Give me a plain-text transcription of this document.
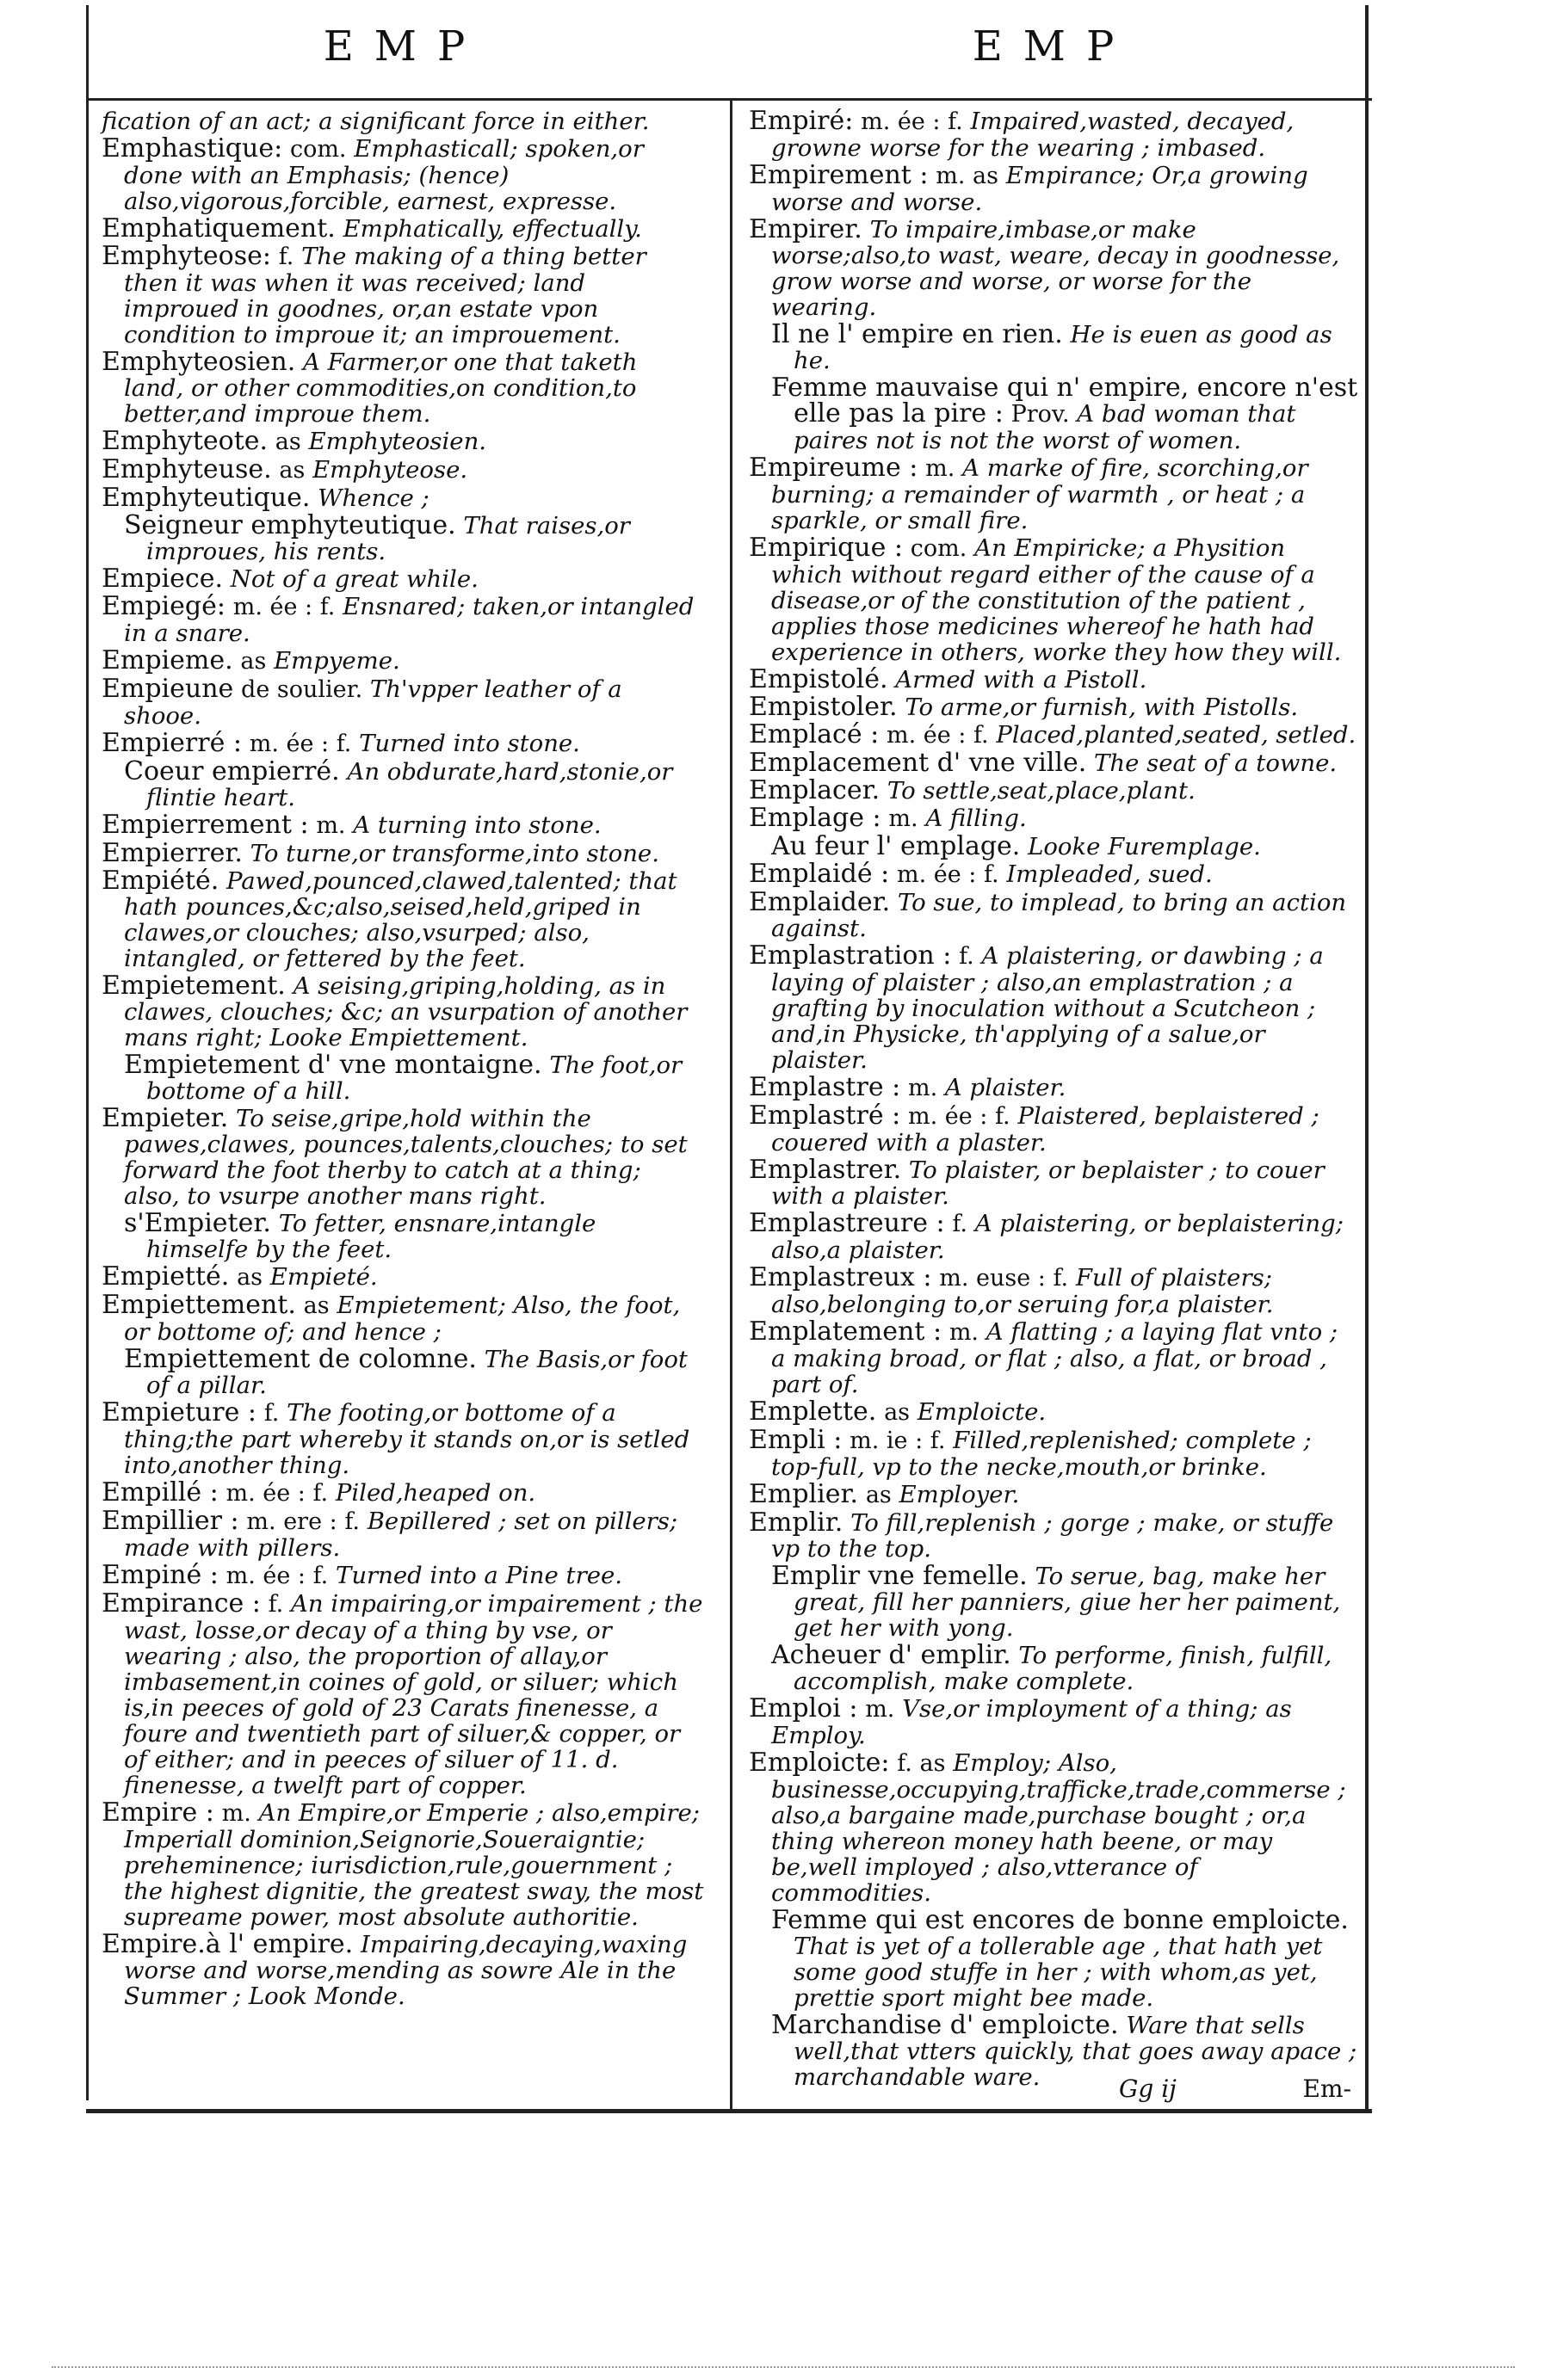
EMP	EMP
fication of an act; a significant force in either.
Emphastique: com. Emphasticall; spoken,or done with an Emphasis; (hence) also,vigorous,forcible, earnest, expresse.
Emphatiquement. Emphatically, effectually.
Emphyteose: f. The making of a thing better then it was when it was received; land improued in goodnes, or,an estate vpon condition to improue it; an improuement.
Emphyteosien. A Farmer,or one that taketh land, or other commodities,on condition,to better,and improue them.
Emphyteote. as Emphyteosien.
Emphyteuse. as Emphyteose.
Emphyteutique. Whence ;
Seigneur emphyteutique. That raises,or improues, his rents.
Empiece. Not of a great while.
Empiegé: m. ée : f. Ensnared; taken,or intangled in a snare.
Empieme. as Empyeme.
Empieune de soulier. Th'vpper leather of a shooe.
Empierré : m. ée : f. Turned into stone.
Coeur empierré. An obdurate,hard,stonie,or flintie heart.
Empierrement : m. A turning into stone.
Empierrer. To turne,or transforme,into stone.
Empiété. Pawed,pounced,clawed,talented; that hath pounces,&c;also,seised,held,griped in clawes,or clouches; also,vsurped; also, intangled, or fettered by the feet.
Empietement. A seising,griping,holding, as in clawes, clouches; &c; an vsurpation of another mans right; Looke Empiettement.
Empietement d' vne montaigne. The foot,or bottome of a hill.
Empieter. To seise,gripe,hold within the pawes,clawes, pounces,talents,clouches; to set forward the foot therby to catch at a thing; also, to vsurpe another mans right.
s'Empieter. To fetter, ensnare,intangle himselfe by the feet.
Empietté. as Empieté.
Empiettement. as Empietement; Also, the foot, or bottome of; and hence ;
Empiettement de colomne. The Basis,or foot of a pillar.
Empieture : f. The footing,or bottome of a thing;the part whereby it stands on,or is setled into,another thing.
Empillé : m. ée : f. Piled,heaped on.
Empillier : m. ere : f. Bepillered ; set on pillers; made with pillers.
Empiné : m. ée : f. Turned into a Pine tree.
Empirance : f. An impairing,or impairement ; the wast, losse,or decay of a thing by vse, or wearing ; also, the proportion of allay,or imbasement,in coines of gold, or siluer; which is,in peeces of gold of 23 Carats finenesse, a foure and twentieth part of siluer,& copper, or of either; and in peeces of siluer of 11. d. finenesse, a twelft part of copper.
Empire : m. An Empire,or Emperie ; also,empire; Imperiall dominion,Seignorie,Soueraigntie; preheminence; iurisdiction,rule,gouernment ; the highest dignitie, the greatest sway, the most supreame power, most absolute authoritie.
Empire.à l' empire. Impairing,decaying,waxing worse and worse,mending as sowre Ale in the Summer ; Look Monde.
Empiré: m. ée : f. Impaired,wasted, decayed, growne worse for the wearing ; imbased.
Empirement : m. as Empirance; Or,a growing worse and worse.
Empirer. To impaire,imbase,or make worse;also,to wast, weare, decay in goodnesse, grow worse and worse, or worse for the wearing.
Il ne l' empire en rien. He is euen as good as he.
Femme mauvaise qui n' empire, encore n'est elle pas la pire : Prov. A bad woman that paires not is not the worst of women.
Empireume : m. A marke of fire, scorching,or burning; a remainder of warmth , or heat ; a sparkle, or small fire.
Empirique : com. An Empiricke; a Physition which without regard either of the cause of a disease,or of the constitution of the patient , applies those medicines whereof he hath had experience in others, worke they how they will.
Empistolé. Armed with a Pistoll.
Empistoler. To arme,or furnish, with Pistolls.
Emplacé : m. ée : f. Placed,planted,seated, setled.
Emplacement d' vne ville. The seat of a towne.
Emplacer. To settle,seat,place,plant.
Emplage : m. A filling.
Au feur l' emplage. Looke Furemplage.
Emplaidé : m. ée : f. Impleaded, sued.
Emplaider. To sue, to implead, to bring an action against.
Emplastration : f. A plaistering, or dawbing ; a laying of plaister ; also,an emplastration ; a grafting by inoculation without a Scutcheon ; and,in Physicke, th'applying of a salue,or plaister.
Emplastre : m. A plaister.
Emplastré : m. ée : f. Plaistered, beplaistered ; couered with a plaster.
Emplastrer. To plaister, or beplaister ; to couer with a plaister.
Emplastreure : f. A plaistering, or beplaistering; also,a plaister.
Emplastreux : m. euse : f. Full of plaisters; also,belonging to,or seruing for,a plaister.
Emplatement : m. A flatting ; a laying flat vnto ; a making broad, or flat ; also, a flat, or broad , part of.
Emplette. as Emploicte.
Empli : m. ie : f. Filled,replenished; complete ; top-full, vp to the necke,mouth,or brinke.
Emplier. as Employer.
Emplir. To fill,replenish ; gorge ; make, or stuffe vp to the top.
Emplir vne femelle. To serue, bag, make her great, fill her panniers, giue her her paiment, get her with yong.
Acheuer d' emplir. To performe, finish, fulfill, accomplish, make complete.
Emploi : m. Vse,or imployment of a thing; as Employ.
Emploicte: f. as Employ; Also, businesse,occupying,trafficke,trade,commerse ; also,a bargaine made,purchase bought ; or,a thing whereon money hath beene, or may be,well imployed ; also,vtterance of commodities.
Femme qui est encores de bonne emploicte. That is yet of a tollerable age , that hath yet some good stuffe in her ; with whom,as yet, prettie sport might bee made.
Marchandise d' emploicte. Ware that sells well,that vtters quickly, that goes away apace ; marchandable ware.	Gg ij	Em-
